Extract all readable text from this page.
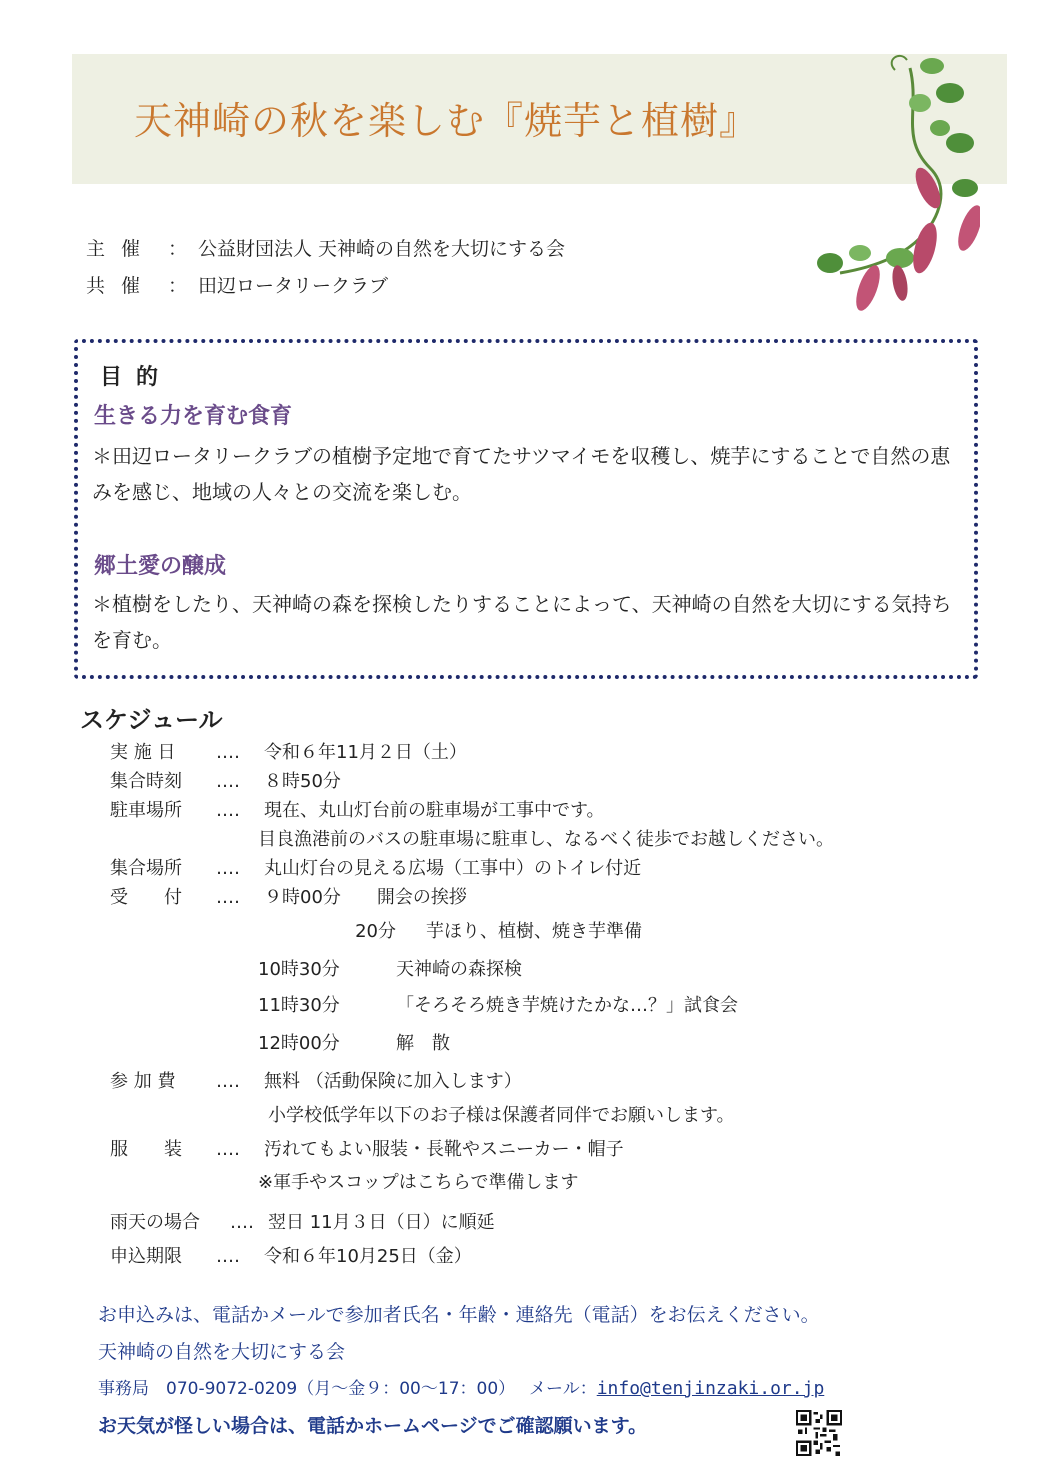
天神崎の秋を楽しむ『焼芋と植樹』
主催 ： 公益財団法人 天神崎の自然を大切にする会
共催 ： 田辺ロータリークラブ
目的
生きる力を育む食育
＊田辺ロータリークラブの植樹予定地で育てたサツマイモを収穫し、焼芋にすることで自然の恵みを感じ、地域の人々との交流を楽しむ。
郷土愛の醸成
＊植樹をしたり、天神崎の森を探検したりすることによって、天神崎の自然を大切にする気持ちを育む。
スケジュール
実 施 日 ‥‥ 令和６年11月２日（土）
集合時刻 ‥‥ ８時50分
駐車場所 ‥‥ 現在、丸山灯台前の駐車場が工事中です。
目良漁港前のバスの駐車場に駐車し、なるべく徒歩でお越しください。
集合場所 ‥‥ 丸山灯台の見える広場（工事中）のトイレ付近
受　　付 ‥‥ ９時00分　　開会の挨拶
20分 芋ほり、植樹、焼き芋準備
10時30分	天神崎の森探検
11時30分	「そろそろ焼き芋焼けたかな…？」試食会
12時00分	解　散
参 加 費 ‥‥ 無料 （活動保険に加入します）
小学校低学年以下のお子様は保護者同伴でお願いします。
服　　装 ‥‥ 汚れてもよい服装・長靴やスニーカー・帽子
※軍手やスコップはこちらで準備します
雨天の場合 ‥‥ 翌日 11月３日（日）に順延
申込期限 ‥‥ 令和６年10月25日（金）
お申込みは、電話かメールで参加者氏名・年齢・連絡先（電話）をお伝えください。
天神崎の自然を大切にする会
事務局　070-9072-0209（月～金９：00～17：00）　 メール：info@tenjinzaki.or.jp
お天気が怪しい場合は、電話かホームページでご確認願います。
